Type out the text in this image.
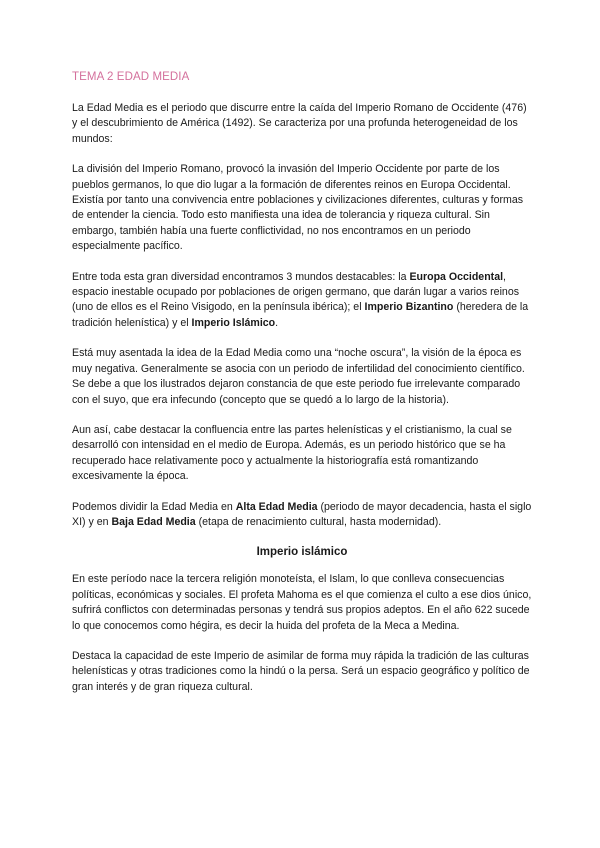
TEMA 2 EDAD MEDIA

La Edad Media es el periodo que discurre entre la caída del Imperio Romano de Occidente (476) y el descubrimiento de América (1492). Se caracteriza por una profunda heterogeneidad de los mundos:

La división del Imperio Romano, provocó la invasión del Imperio Occidente por parte de los pueblos germanos, lo que dio lugar a la formación de diferentes reinos en Europa Occidental. Existía por tanto una convivencia entre poblaciones y civilizaciones diferentes, culturas y formas de entender la ciencia. Todo esto manifiesta una idea de tolerancia y riqueza cultural. Sin embargo, también había una fuerte conflictividad, no nos encontramos en un periodo especialmente pacífico.

Entre toda esta gran diversidad encontramos 3 mundos destacables: la Europa Occidental, espacio inestable ocupado por poblaciones de origen germano, que darán lugar a varios reinos (uno de ellos es el Reino Visigodo, en la península ibérica); el Imperio Bizantino (heredera de la tradición helenística) y el Imperio Islámico.

Está muy asentada la idea de la Edad Media como una “noche oscura”, la visión de la época es muy negativa. Generalmente se asocia con un periodo de infertilidad del conocimiento científico. Se debe a que los ilustrados dejaron constancia de que este periodo fue irrelevante comparado con el suyo, que era infecundo (concepto que se quedó a lo largo de la historia).

Aun así, cabe destacar la confluencia entre las partes helenísticas y el cristianismo, la cual se desarrolló con intensidad en el medio de Europa. Además, es un periodo histórico que se ha recuperado hace relativamente poco y actualmente la historiografía está romantizando excesivamente la época.

Podemos dividir la Edad Media en Alta Edad Media (periodo de mayor decadencia, hasta el siglo XI) y en Baja Edad Media (etapa de renacimiento cultural, hasta modernidad).

Imperio islámico

En este período nace la tercera religión monoteísta, el Islam, lo que conlleva consecuencias políticas, económicas y sociales. El profeta Mahoma es el que comienza el culto a ese dios único, sufrirá conflictos con determinadas personas y tendrá sus propios adeptos. En el año 622 sucede lo que conocemos como hégira, es decir la huida del profeta de la Meca a Medina.

Destaca la capacidad de este Imperio de asimilar de forma muy rápida la tradición de las culturas helenísticas y otras tradiciones como la hindú o la persa. Será un espacio geográfico y político de gran interés y de gran riqueza cultural.
